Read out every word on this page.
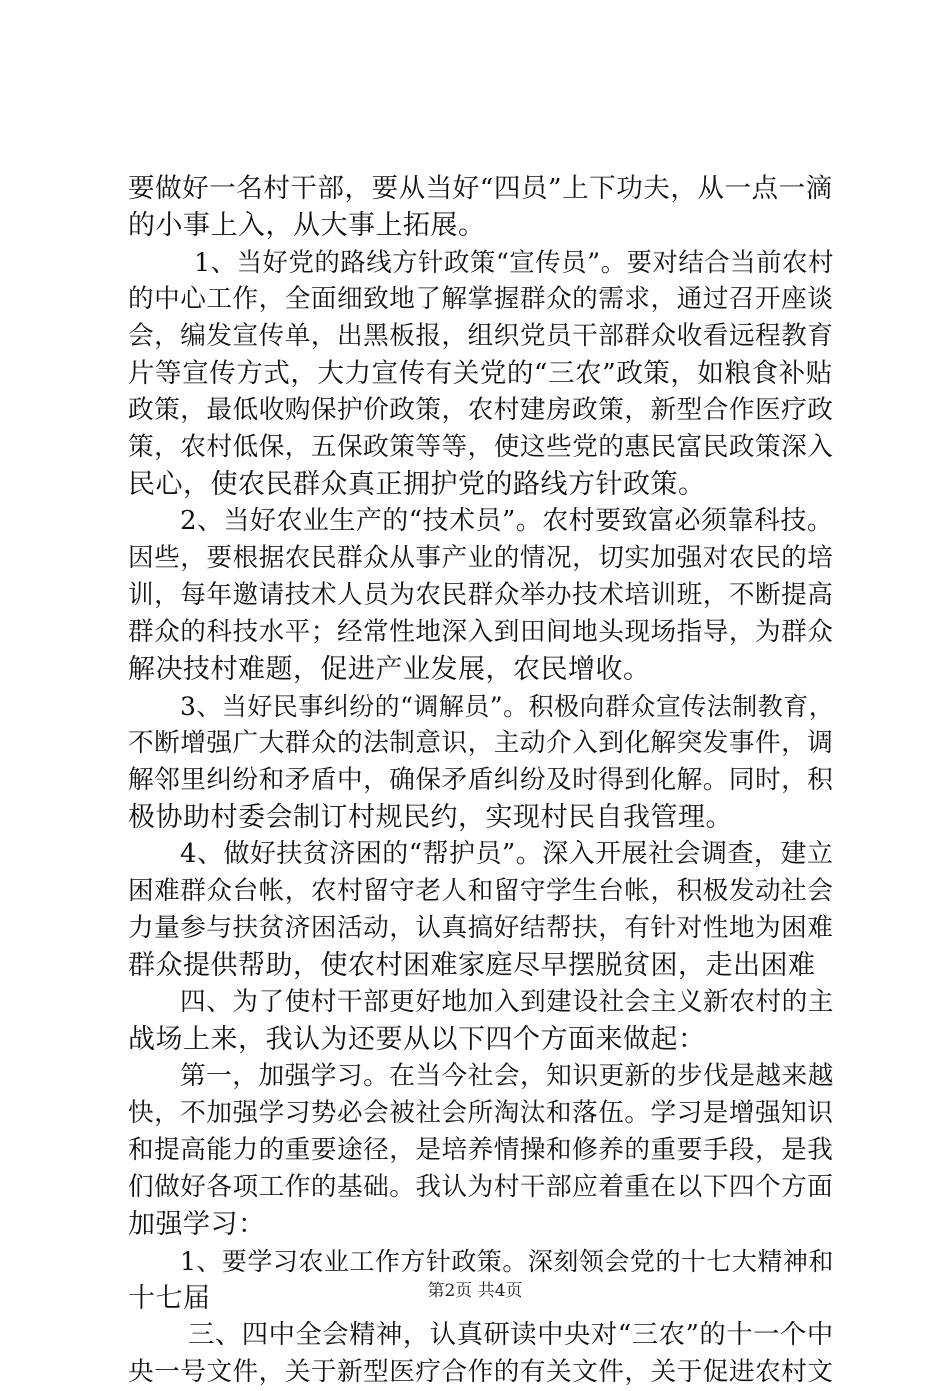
要做好一名村干部，要从当好“四员”上下功夫，从一点一滴
的小事上入，从大事上拓展。
1、当好党的路线方针政策“宣传员”。要对结合当前农村
的中心工作，全面细致地了解掌握群众的需求，通过召开座谈
会，编发宣传单，出黑板报，组织党员干部群众收看远程教育
片等宣传方式，大力宣传有关党的“三农”政策，如粮食补贴
政策，最低收购保护价政策，农村建房政策，新型合作医疗政
策，农村低保，五保政策等等，使这些党的惠民富民政策深入
民心，使农民群众真正拥护党的路线方针政策。
2、当好农业生产的“技术员”。农村要致富必须靠科技。
因些，要根据农民群众从事产业的情况，切实加强对农民的培
训，每年邀请技术人员为农民群众举办技术培训班，不断提高
群众的科技水平；经常性地深入到田间地头现场指导，为群众
解决技村难题，促进产业发展，农民增收。
3、当好民事纠纷的“调解员”。积极向群众宣传法制教育，
不断增强广大群众的法制意识，主动介入到化解突发事件，调
解邻里纠纷和矛盾中，确保矛盾纠纷及时得到化解。同时，积
极协助村委会制订村规民约，实现村民自我管理。
4、做好扶贫济困的“帮护员”。深入开展社会调查，建立
困难群众台帐，农村留守老人和留守学生台帐，积极发动社会
力量参与扶贫济困活动，认真搞好结帮扶，有针对性地为困难
群众提供帮助，使农村困难家庭尽早摆脱贫困，走出困难
四、为了使村干部更好地加入到建设社会主义新农村的主
战场上来，我认为还要从以下四个方面来做起：
第一，加强学习。在当今社会，知识更新的步伐是越来越
快，不加强学习势必会被社会所淘汰和落伍。学习是增强知识
和提高能力的重要途径，是培养情操和修养的重要手段，是我
们做好各项工作的基础。我认为村干部应着重在以下四个方面
加强学习：
1、要学习农业工作方针政策。深刻领会党的十七大精神和
十七届
三、四中全会精神，认真研读中央对“三农”的十一个中
央一号文件，关于新型医疗合作的有关文件，关于促进农村文
第2页 共4页
